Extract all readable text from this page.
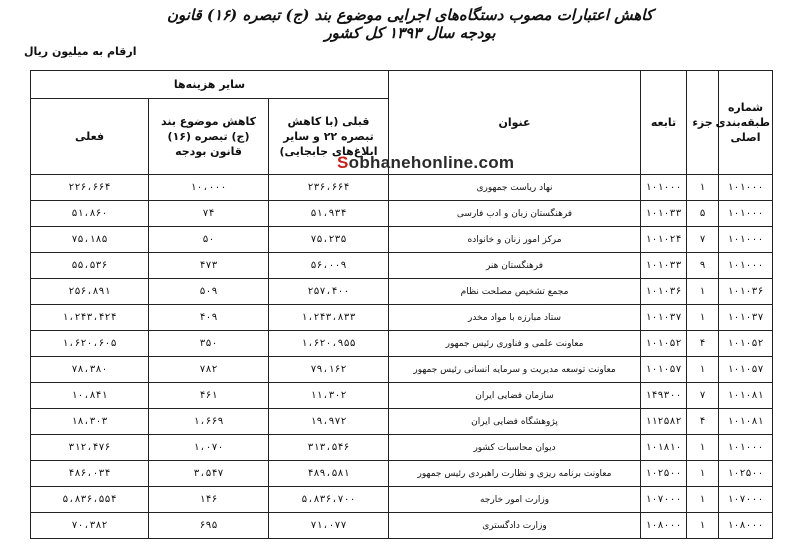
کاهش اعتبارات مصوب دستگاه‌های اجرایی موضوع بند (ج) تبصره (۱۶) قانون بودجه سال ۱۳۹۳ کل کشور
ارقام به میلیون ریال
شماره طبقه‌بندی اصلی	جزء	تابعه	عنوان	سایر هزینه‌ها		
				قبلی (با کاهش تبصره ۲۲ و سایر ابلاغ‌های جابجایی)	کاهش موضوع بند (ج) تبصره (۱۶) قانون بودجه	فعلی
۱۰۱۰۰۰	۱	۱۰۱۰۰۰	نهاد ریاست جمهوری	۲۳۶،۶۶۴	۱۰،۰۰۰	۲۲۶،۶۶۴
۱۰۱۰۰۰	۵	۱۰۱۰۳۳	فرهنگستان زبان و ادب فارسی	۵۱،۹۳۴	۷۴	۵۱،۸۶۰
۱۰۱۰۰۰	۷	۱۰۱۰۲۴	مرکز امور زنان و خانواده	۷۵،۲۳۵	۵۰	۷۵،۱۸۵
۱۰۱۰۰۰	۹	۱۰۱۰۳۳	فرهنگستان هنر	۵۶،۰۰۹	۴۷۳	۵۵،۵۳۶
۱۰۱۰۳۶	۱	۱۰۱۰۳۶	مجمع تشخیص مصلحت نظام	۲۵۷،۴۰۰	۵۰۹	۲۵۶،۸۹۱
۱۰۱۰۳۷	۱	۱۰۱۰۳۷	ستاد مبارزه با مواد مخدر	۱،۲۴۳،۸۳۳	۴۰۹	۱،۲۴۳،۴۲۴
۱۰۱۰۵۲	۴	۱۰۱۰۵۲	معاونت علمی و فناوری رئیس جمهور	۱،۶۲۰،۹۵۵	۳۵۰	۱،۶۲۰،۶۰۵
۱۰۱۰۵۷	۱	۱۰۱۰۵۷	معاونت توسعه مدیریت و سرمایه انسانی رئیس جمهور	۷۹،۱۶۲	۷۸۲	۷۸،۳۸۰
۱۰۱۰۸۱	۷	۱۴۹۳۰۰	سازمان فضایی ایران	۱۱،۳۰۲	۴۶۱	۱۰،۸۴۱
۱۰۱۰۸۱	۴	۱۱۲۵۸۲	پژوهشگاه فضایی ایران	۱۹،۹۷۲	۱،۶۶۹	۱۸،۳۰۳
۱۰۱۰۰۰	۱	۱۰۱۸۱۰	دیوان محاسبات کشور	۳۱۳،۵۴۶	۱،۰۷۰	۳۱۲،۴۷۶
۱۰۲۵۰۰	۱	۱۰۲۵۰۰	معاونت برنامه ریزی و نظارت راهبردی رئیس جمهور	۴۸۹،۵۸۱	۳،۵۴۷	۴۸۶،۰۳۴
۱۰۷۰۰۰	۱	۱۰۷۰۰۰	وزارت امور خارجه	۵،۸۳۶،۷۰۰	۱۴۶	۵،۸۳۶،۵۵۴
۱۰۸۰۰۰	۱	۱۰۸۰۰۰	وزارت دادگستری	۷۱،۰۷۷	۶۹۵	۷۰،۳۸۲
Sobhanehonline.com
